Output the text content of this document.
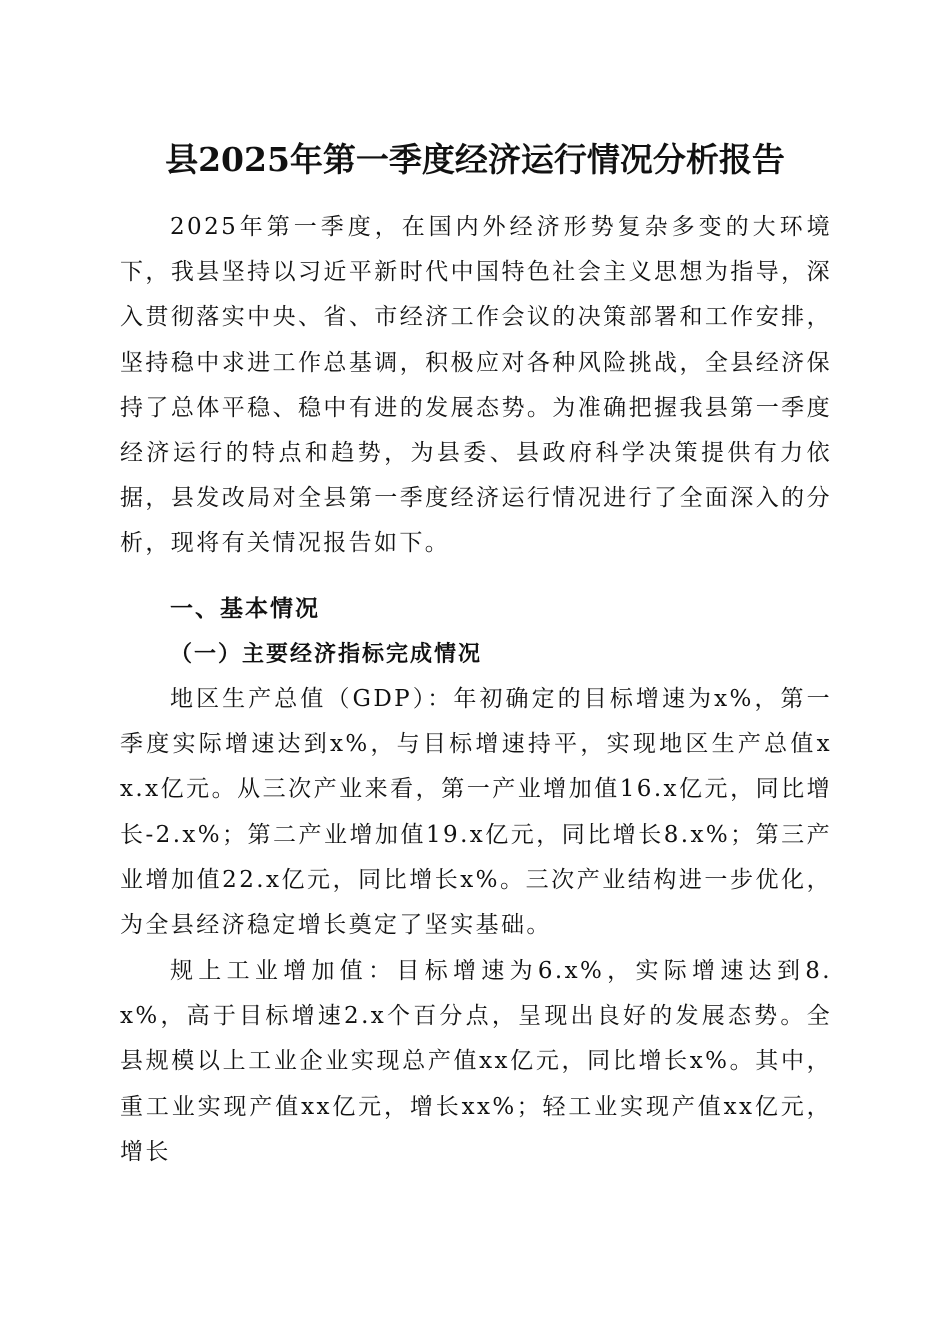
县2025年第一季度经济运行情况分析报告

2025年第一季度，在国内外经济形势复杂多变的大环境下，我县坚持以习近平新时代中国特色社会主义思想为指导，深入贯彻落实中央、省、市经济工作会议的决策部署和工作安排，坚持稳中求进工作总基调，积极应对各种风险挑战，全县经济保持了总体平稳、稳中有进的发展态势。为准确把握我县第一季度经济运行的特点和趋势，为县委、县政府科学决策提供有力依据，县发改局对全县第一季度经济运行情况进行了全面深入的分析，现将有关情况报告如下。

一、基本情况
（一）主要经济指标完成情况

地区生产总值（GDP）：年初确定的目标增速为x%，第一季度实际增速达到x%，与目标增速持平，实现地区生产总值xx.x亿元。从三次产业来看，第一产业增加值16.x亿元，同比增长-2.x%；第二产业增加值19.x亿元，同比增长8.x%；第三产业增加值22.x亿元，同比增长x%。三次产业结构进一步优化，为全县经济稳定增长奠定了坚实基础。

规上工业增加值：目标增速为6.x%，实际增速达到8.x%，高于目标增速2.x个百分点，呈现出良好的发展态势。全县规模以上工业企业实现总产值xx亿元，同比增长x%。其中，重工业实现产值xx亿元，增长xx%；轻工业实现产值xx亿元，增长
